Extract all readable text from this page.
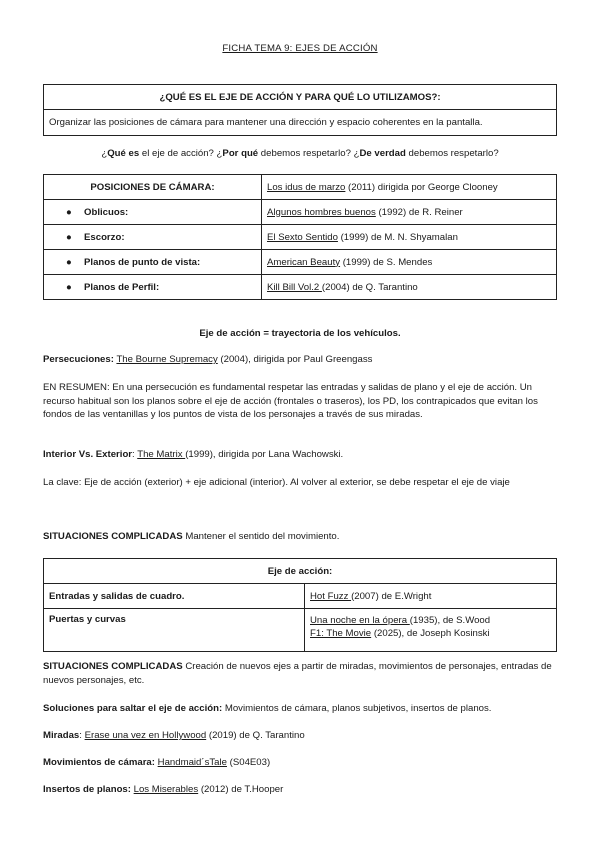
FICHA TEMA 9: EJES DE ACCIÓN
¿QUÉ ES EL EJE DE ACCIÓN Y PARA QUÉ LO UTILIZAMOS?:
Organizar las posiciones de cámara para mantener una dirección y espacio coherentes en la pantalla.
¿Qué es el eje de acción? ¿Por qué debemos respetarlo? ¿De verdad debemos respetarlo?
POSICIONES DE CÁMARA:	Los idus de marzo (2011) dirigida por George Clooney
● Oblicuos:	Algunos hombres buenos (1992) de R. Reiner
● Escorzo:	El Sexto Sentido (1999) de M. N. Shyamalan
● Planos de punto de vista:	American Beauty (1999) de S. Mendes
● Planos de Perfil:	Kill Bill Vol.2 (2004) de Q. Tarantino
Eje de acción = trayectoria de los vehículos.
Persecuciones: The Bourne Supremacy (2004), dirigida por Paul Greengass
EN RESUMEN: En una persecución es fundamental respetar las entradas y salidas de plano y el eje de acción. Un recurso habitual son los planos sobre el eje de acción (frontales o traseros), los PD, los contrapicados que evitan los fondos de las ventanillas y los puntos de vista de los personajes a través de sus miradas.
Interior Vs. Exterior: The Matrix (1999), dirigida por Lana Wachowski.
La clave: Eje de acción (exterior) + eje adicional (interior). Al volver al exterior, se debe respetar el eje de viaje
SITUACIONES COMPLICADAS Mantener el sentido del movimiento.
Eje de acción:	
Entradas y salidas de cuadro.	Hot Fuzz (2007) de E.Wright
Puertas y curvas	Una noche en la ópera (1935), de S.Wood
F1: The Movie (2025), de Joseph Kosinski
SITUACIONES COMPLICADAS Creación de nuevos ejes a partir de miradas, movimientos de personajes, entradas de nuevos personajes, etc.
Soluciones para saltar el eje de acción: Movimientos de cámara, planos subjetivos, insertos de planos.
Miradas: Erase una vez en Hollywood (2019) de Q. Tarantino
Movimientos de cámara: Handmaid´sTale (S04E03)
Insertos de planos: Los Miserables (2012) de T.Hooper
